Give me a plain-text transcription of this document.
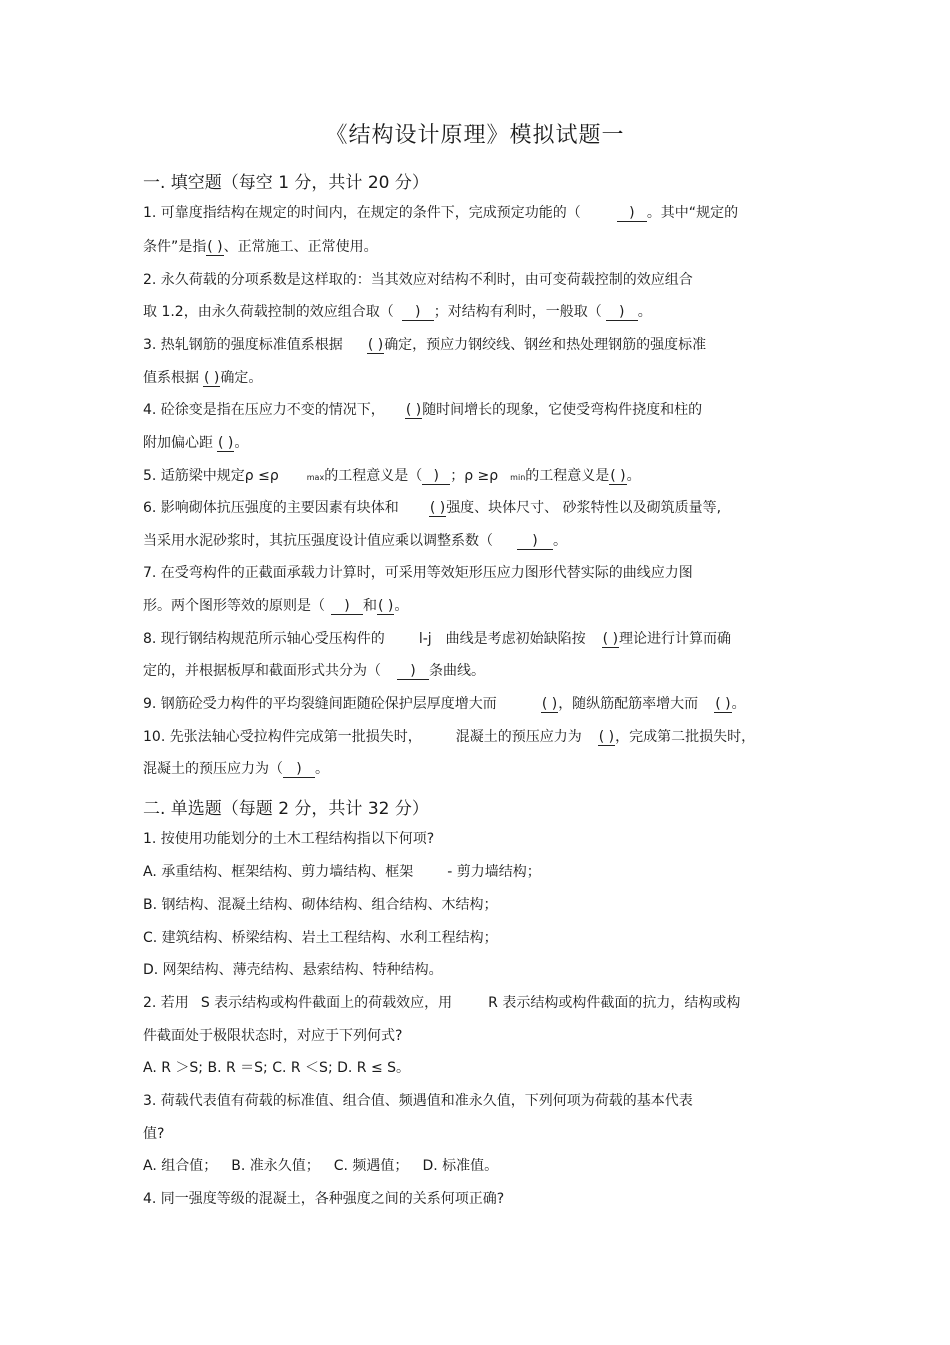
《结构设计原理》模拟试题一
一. 填空题（每空 1 分，共计 20 分）
1. 可靠度指结构在规定的时间内，在规定的条件下，完成预定功能的（	) 。其中“规定的
条件”是指( )、正常施工、正常使用。
2. 永久荷载的分项系数是这样取的：当其效应对结构不利时，由可变荷载控制的效应组合
取 1.2，由永久荷载控制的效应组合取（ ) ；对结构有利时，一般取（ ) 。
3. 热轧钢筋的强度标准值系根据 ( )确定，预应力钢绞线、钢丝和热处理钢筋的强度标准
值系根据 ( )确定。
4. 砼徐变是指在压应力不变的情况下， ( )随时间增长的现象，它使受弯构件挠度和柱的
附加偏心距 ( )。
5. 适筋梁中规定ρ ≤ρ	max的工程意义是（ ) ；ρ ≥ρ min的工程意义是( )。
6. 影响砌体抗压强度的主要因素有块体和 ( )强度、块体尺寸、 砂浆特性以及砌筑质量等,
当采用水泥砂浆时，其抗压强度设计值应乘以调整系数（	) 。
7. 在受弯构件的正截面承载力计算时，可采用等效矩形压应力图形代替实际的曲线应力图
形。两个图形等效的原则是（ ) 和( )。
8. 现行钢结构规范所示轴心受压构件的 l-j 曲线是考虑初始缺陷按 ( )理论进行计算而确
定的，并根据板厚和截面形式共分为（ ) 条曲线。
9. 钢筋砼受力构件的平均裂缝间距随砼保护层厚度增大而	( )，随纵筋配筋率增大而 ( )。
10. 先张法轴心受拉构件完成第一批损失时， 混凝土的预压应力为 ( )，完成第二批损失时，
混凝土的预压应力为（ ) 。
二. 单选题（每题 2 分，共计 32 分）
1. 按使用功能划分的土木工程结构指以下何项?
A. 承重结构、框架结构、剪力墙结构、框架 - 剪力墙结构；
B. 钢结构、混凝土结构、砌体结构、组合结构、木结构；
C. 建筑结构、桥梁结构、岩土工程结构、水利工程结构；
D. 网架结构、薄壳结构、悬索结构、特种结构。
2. 若用 S 表示结构或构件截面上的荷载效应，用	R 表示结构或构件截面的抗力，结构或构
件截面处于极限状态时，对应于下列何式?
A. R ＞S; B. R ＝S; C. R ＜S; D. R ≤ S。
3. 荷载代表值有荷载的标准值、组合值、频遇值和准永久值，下列何项为荷载的基本代表
值?
A. 组合值； B. 准永久值； C. 频遇值； D. 标准值。
4. 同一强度等级的混凝土，各种强度之间的关系何项正确?
